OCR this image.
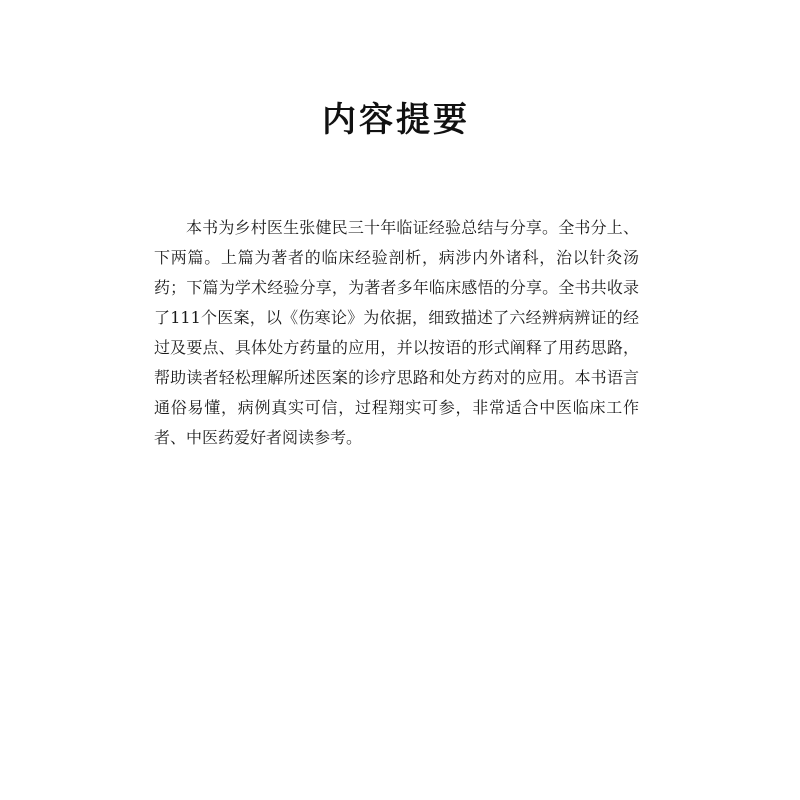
内容提要

本书为乡村医生张健民三十年临证经验总结与分享。全书分上、下两篇。上篇为著者的临床经验剖析，病涉内外诸科，治以针灸汤药；下篇为学术经验分享，为著者多年临床感悟的分享。全书共收录了111个医案，以《伤寒论》为依据，细致描述了六经辨病辨证的经过及要点、具体处方药量的应用，并以按语的形式阐释了用药思路，帮助读者轻松理解所述医案的诊疗思路和处方药对的应用。本书语言通俗易懂，病例真实可信，过程翔实可参，非常适合中医临床工作者、中医药爱好者阅读参考。
